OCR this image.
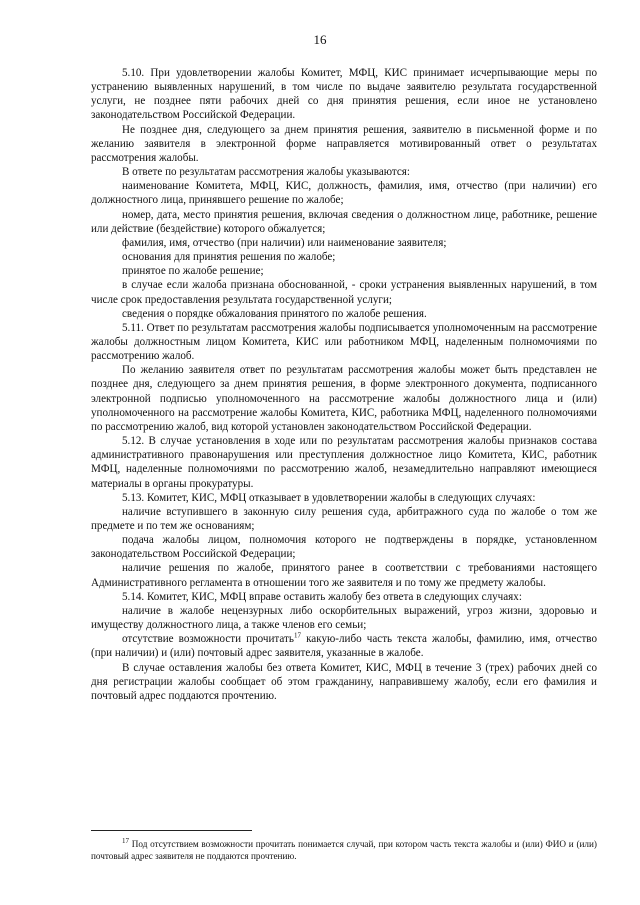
16

5.10. При удовлетворении жалобы Комитет, МФЦ, КИС принимает исчерпывающие меры по устранению выявленных нарушений, в том числе по выдаче заявителю результата государственной услуги, не позднее пяти рабочих дней со дня принятия решения, если иное не установлено законодательством Российской Федерации.

Не позднее дня, следующего за днем принятия решения, заявителю в письменной форме и по желанию заявителя в электронной форме направляется мотивированный ответ о результатах рассмотрения жалобы.

В ответе по результатам рассмотрения жалобы указываются:

наименование Комитета, МФЦ, КИС, должность, фамилия, имя, отчество (при наличии) его должностного лица, принявшего решение по жалобе;

номер, дата, место принятия решения, включая сведения о должностном лице, работнике, решение или действие (бездействие) которого обжалуется;

фамилия, имя, отчество (при наличии) или наименование заявителя;

основания для принятия решения по жалобе;

принятое по жалобе решение;

в случае если жалоба признана обоснованной, - сроки устранения выявленных нарушений, в том числе срок предоставления результата государственной услуги;

сведения о порядке обжалования принятого по жалобе решения.

5.11. Ответ по результатам рассмотрения жалобы подписывается уполномоченным на рассмотрение жалобы должностным лицом Комитета, КИС или работником МФЦ, наделенным полномочиями по рассмотрению жалоб.

По желанию заявителя ответ по результатам рассмотрения жалобы может быть представлен не позднее дня, следующего за днем принятия решения, в форме электронного документа, подписанного электронной подписью уполномоченного на рассмотрение жалобы должностного лица и (или) уполномоченного на рассмотрение жалобы Комитета, КИС, работника МФЦ, наделенного полномочиями по рассмотрению жалоб, вид которой установлен законодательством Российской Федерации.

5.12. В случае установления в ходе или по результатам рассмотрения жалобы признаков состава административного правонарушения или преступления должностное лицо Комитета, КИС, работник МФЦ, наделенные полномочиями по рассмотрению жалоб, незамедлительно направляют имеющиеся материалы в органы прокуратуры.

5.13. Комитет, КИС, МФЦ отказывает в удовлетворении жалобы в следующих случаях:

наличие вступившего в законную силу решения суда, арбитражного суда по жалобе о том же предмете и по тем же основаниям;

подача жалобы лицом, полномочия которого не подтверждены в порядке, установленном законодательством Российской Федерации;

наличие решения по жалобе, принятого ранее в соответствии с требованиями настоящего Административного регламента в отношении того же заявителя и по тому же предмету жалобы.

5.14. Комитет, КИС, МФЦ вправе оставить жалобу без ответа в следующих случаях:

наличие в жалобе нецензурных либо оскорбительных выражений, угроз жизни, здоровью и имуществу должностного лица, а также членов его семьи;

отсутствие возможности прочитать$^{17}$ какую-либо часть текста жалобы, фамилию, имя, отчество (при наличии) и (или) почтовый адрес заявителя, указанные в жалобе.

В случае оставления жалобы без ответа Комитет, КИС, МФЦ в течение 3 (трех) рабочих дней со дня регистрации жалобы сообщает об этом гражданину, направившему жалобу, если его фамилия и почтовый адрес поддаются прочтению.

$^{17}$ Под отсутствием возможности прочитать понимается случай, при котором часть текста жалобы и (или) ФИО и (или) почтовый адрес заявителя не поддаются прочтению.
